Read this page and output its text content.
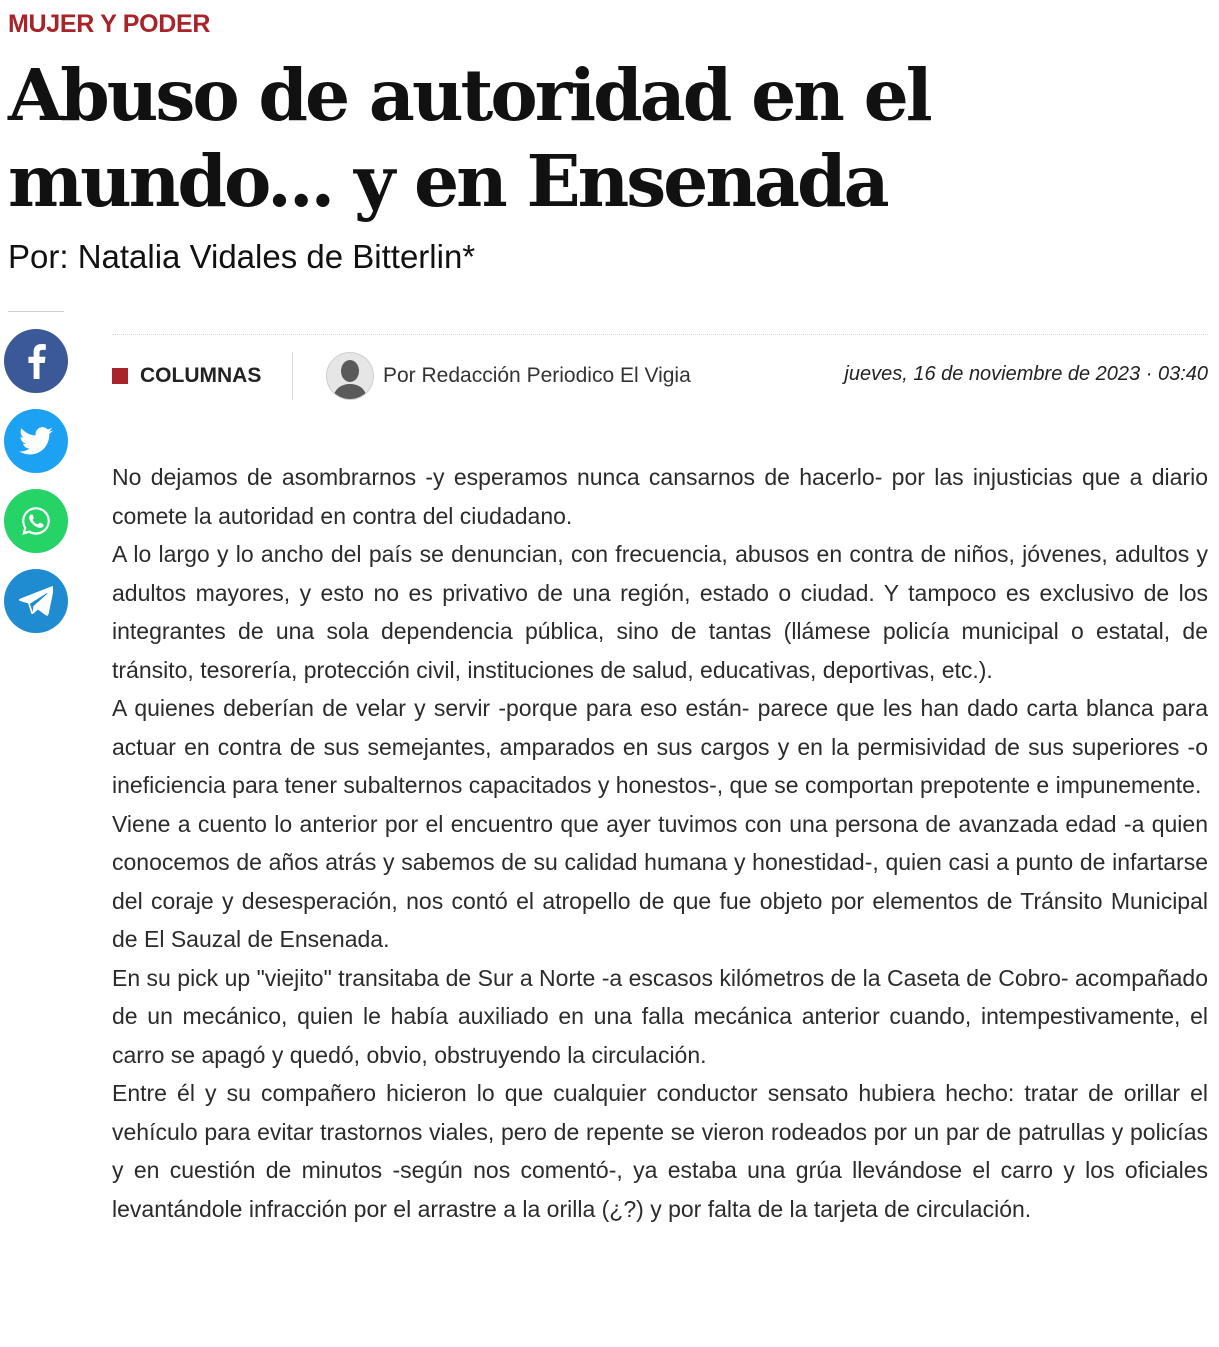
MUJER Y PODER
Abuso de autoridad en el mundo... y en Ensenada
Por: Natalia Vidales de Bitterlin*
COLUMNAS	Por Redacción Periodico El Vigia	jueves, 16 de noviembre de 2023 · 03:40

No dejamos de asombrarnos -y esperamos nunca cansarnos de hacerlo- por las injusticias que a diario comete la autoridad en contra del ciudadano.

A lo largo y lo ancho del país se denuncian, con frecuencia, abusos en contra de niños, jóvenes, adultos y adultos mayores, y esto no es privativo de una región, estado o ciudad. Y tampoco es exclusivo de los integrantes de una sola dependencia pública, sino de tantas (llámese policía municipal o estatal, de tránsito, tesorería, protección civil, instituciones de salud, educativas, deportivas, etc.).

A quienes deberían de velar y servir -porque para eso están- parece que les han dado carta blanca para actuar en contra de sus semejantes, amparados en sus cargos y en la permisividad de sus superiores -o ineficiencia para tener subalternos capacitados y honestos-, que se comportan prepotente e impunemente.

Viene a cuento lo anterior por el encuentro que ayer tuvimos con una persona de avanzada edad -a quien conocemos de años atrás y sabemos de su calidad humana y honestidad-, quien casi a punto de infartarse del coraje y desesperación, nos contó el atropello de que fue objeto por elementos de Tránsito Municipal de El Sauzal de Ensenada.

En su pick up "viejito" transitaba de Sur a Norte -a escasos kilómetros de la Caseta de Cobro- acompañado de un mecánico, quien le había auxiliado en una falla mecánica anterior cuando, intempestivamente, el carro se apagó y quedó, obvio, obstruyendo la circulación.

Entre él y su compañero hicieron lo que cualquier conductor sensato hubiera hecho: tratar de orillar el vehículo para evitar trastornos viales, pero de repente se vieron rodeados por un par de patrullas y policías y en cuestión de minutos -según nos comentó-, ya estaba una grúa llevándose el carro y los oficiales levantándole infracción por el arrastre a la orilla (¿?) y por falta de la tarjeta de circulación.
